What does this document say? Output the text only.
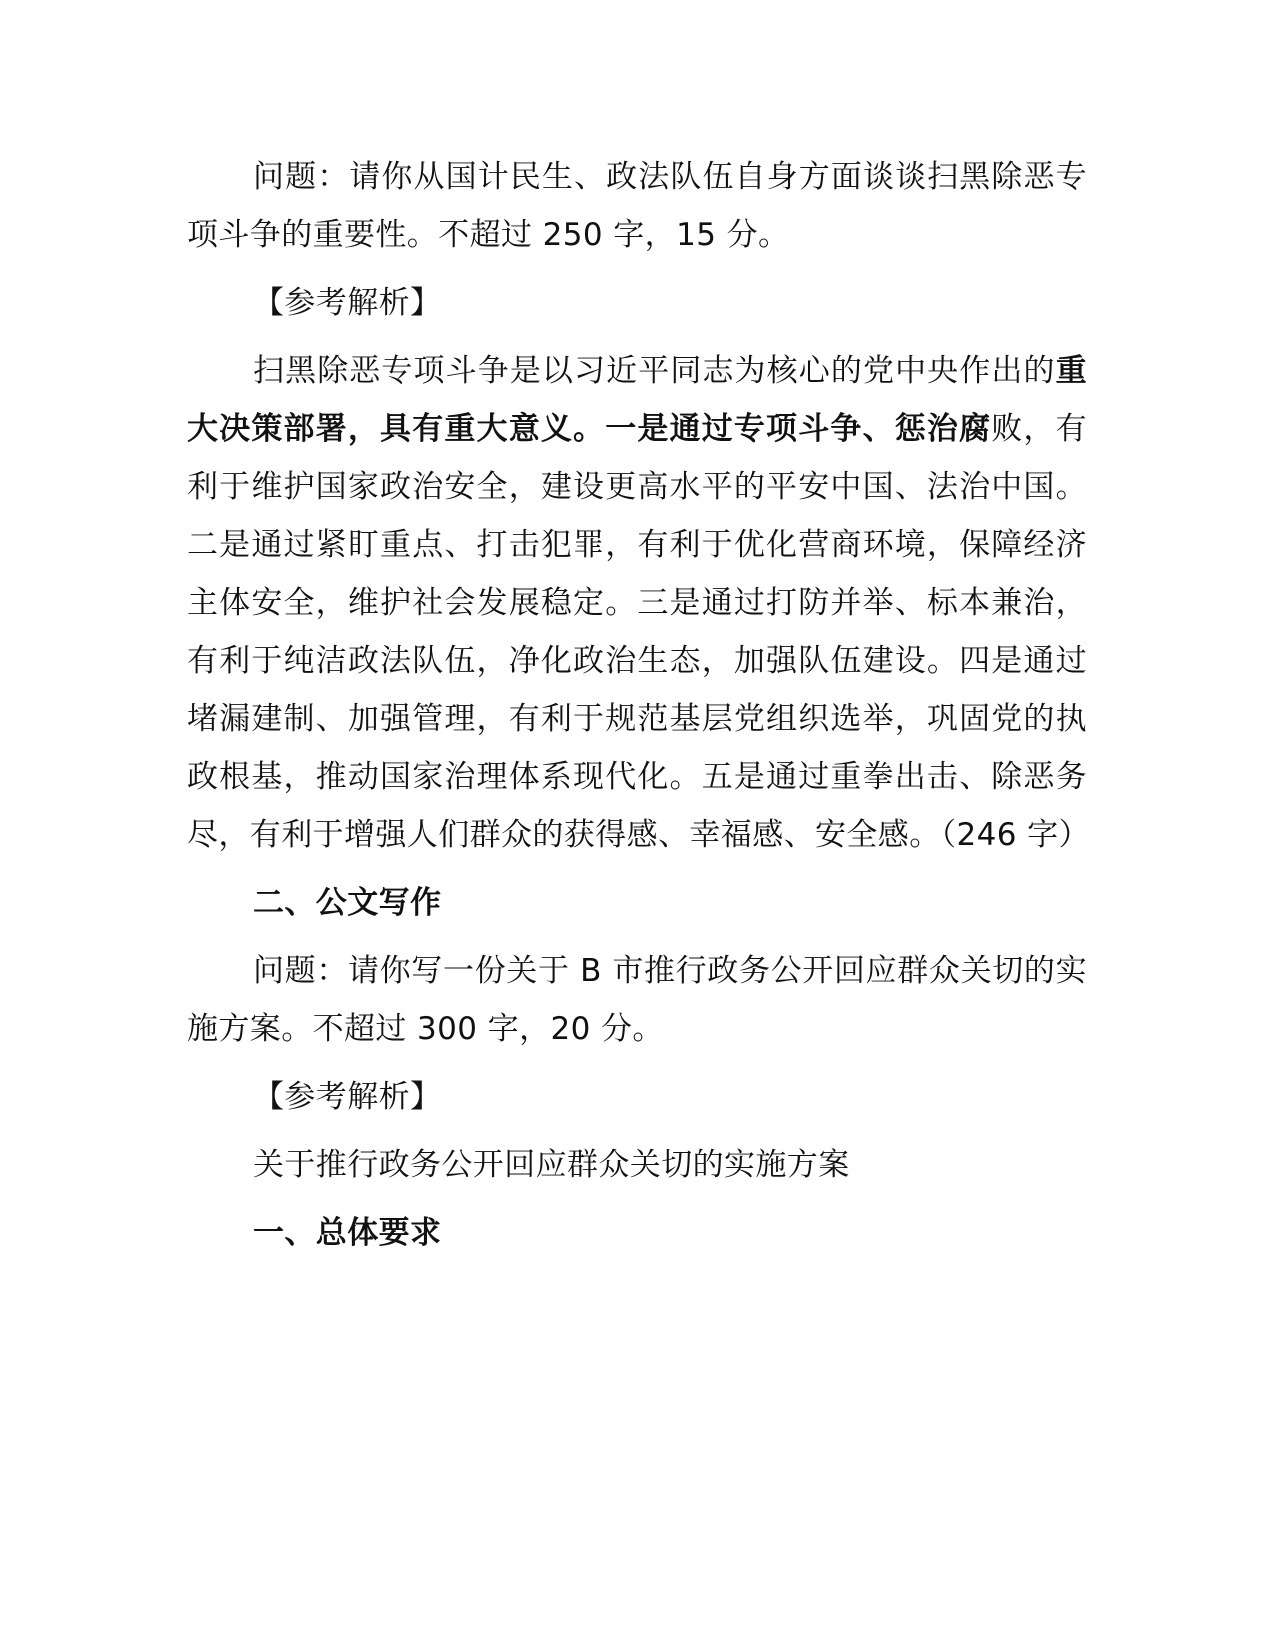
问题：请你从国计民生、政法队伍自身方面谈谈扫黑除恶专项斗争的重要性。不超过 250 字，15 分。

【参考解析】

扫黑除恶专项斗争是以习近平同志为核心的党中央作出的重大决策部署，具有重大意义。一是通过专项斗争、惩治腐败，有利于维护国家政治安全，建设更高水平的平安中国、法治中国。二是通过紧盯重点、打击犯罪，有利于优化营商环境，保障经济主体安全，维护社会发展稳定。三是通过打防并举、标本兼治，有利于纯洁政法队伍，净化政治生态，加强队伍建设。四是通过堵漏建制、加强管理，有利于规范基层党组织选举，巩固党的执政根基，推动国家治理体系现代化。五是通过重拳出击、除恶务尽，有利于增强人们群众的获得感、幸福感、安全感。（246 字）

二、公文写作

问题：请你写一份关于 B 市推行政务公开回应群众关切的实施方案。不超过 300 字，20 分。

【参考解析】

关于推行政务公开回应群众关切的实施方案

一、总体要求
